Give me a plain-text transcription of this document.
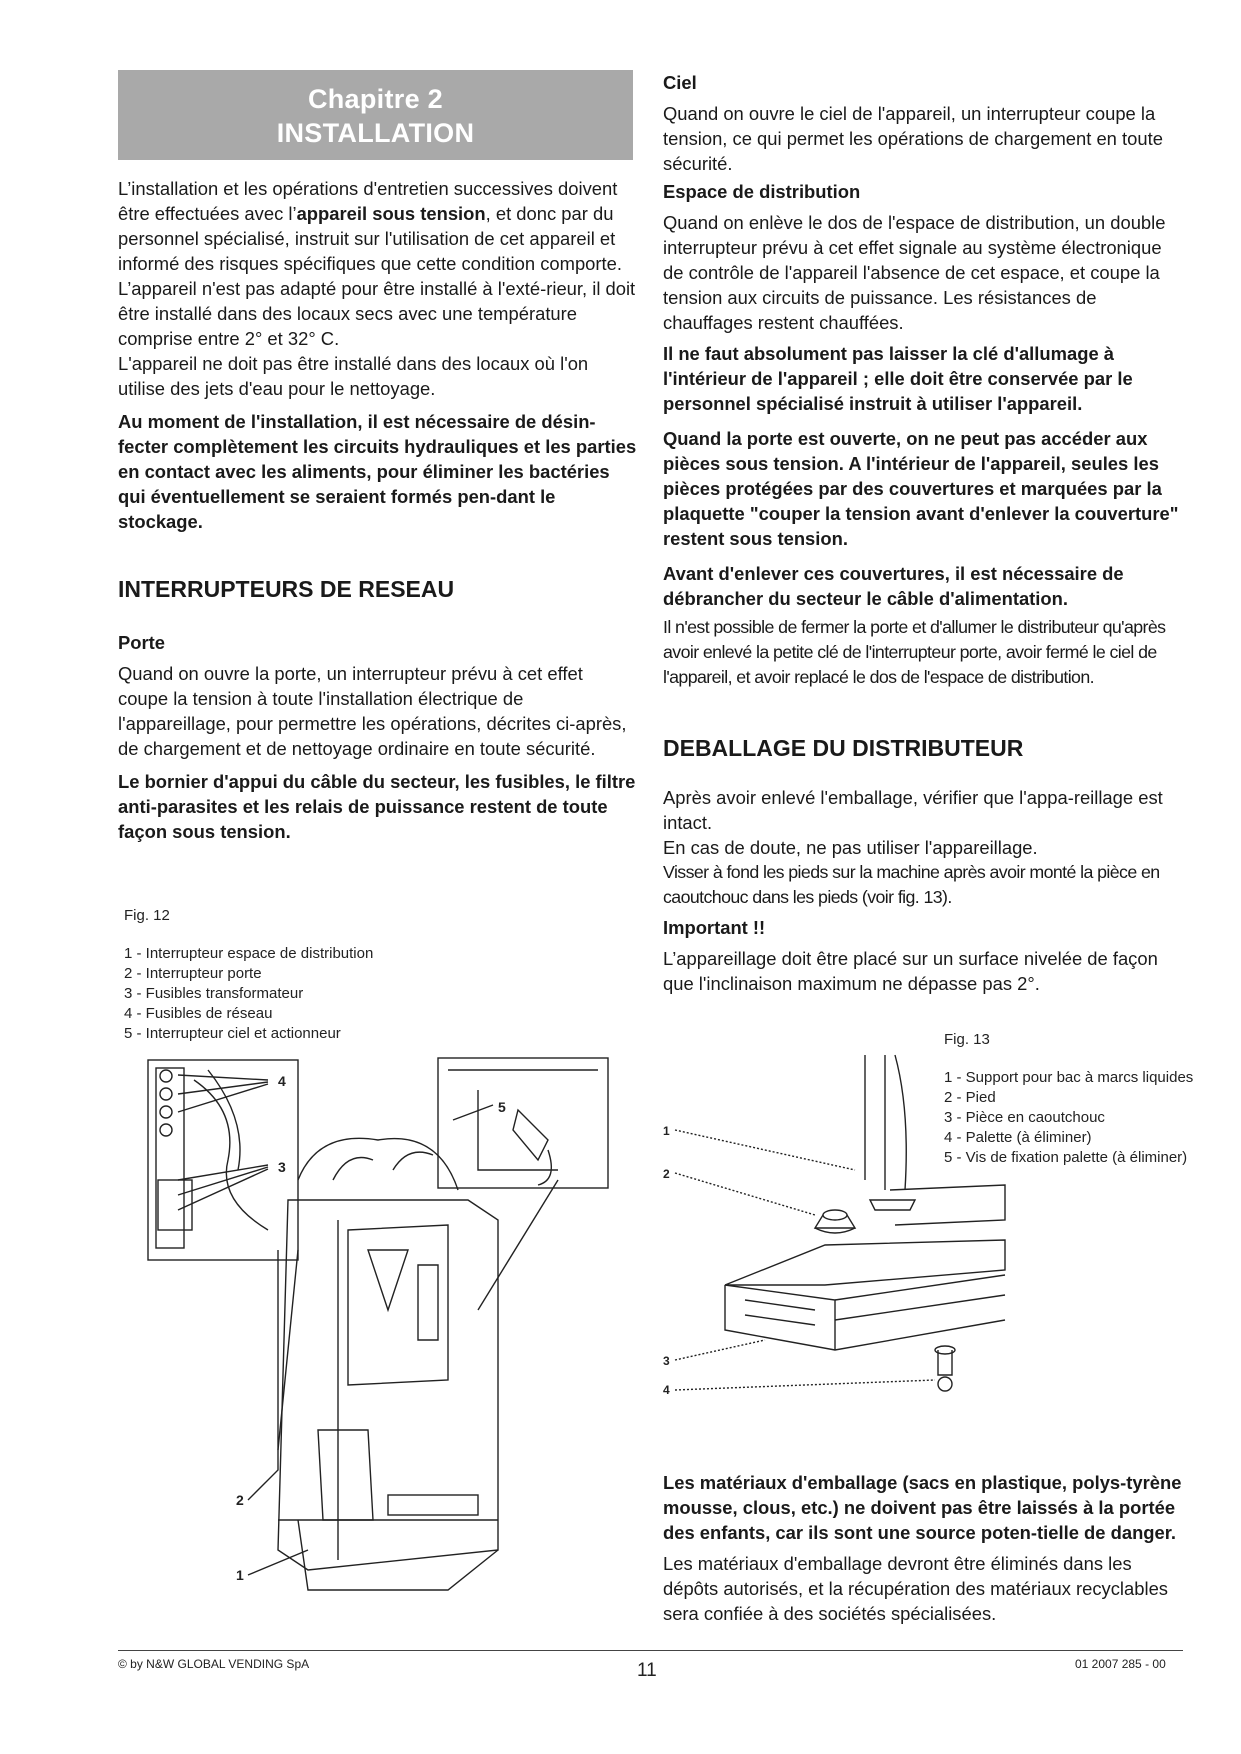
Chapitre 2
INSTALLATION

L’installation et les opérations d'entretien successives doivent être effectuées avec l’appareil sous tension, et donc par du personnel spécialisé, instruit sur l'utilisation de cet appareil et informé des risques spécifiques que cette condition comporte.

L’appareil n'est pas adapté pour être installé à l'exté-rieur, il doit être installé dans des locaux secs avec une température comprise entre 2° et 32° C.

L'appareil ne doit pas être installé dans des locaux où l'on utilise des jets d'eau pour le nettoyage.

Au moment de l'installation, il est nécessaire de désin-fecter complètement les circuits hydrauliques et les parties en contact avec les aliments, pour éliminer les bactéries qui éventuellement se seraient formés pen-dant le stockage.

INTERRUPTEURS DE RESEAU
Porte

Quand on ouvre la porte, un interrupteur prévu à cet effet coupe la tension à toute l'installation électrique de l'appareillage, pour permettre les opérations, décrites ci-après, de chargement et de nettoyage ordinaire en toute sécurité.

Le bornier d'appui du câble du secteur, les fusibles, le filtre anti-parasites et les relais de puissance restent de toute façon sous tension.

Fig. 12
1 - Interrupteur espace de distribution
2 - Interrupteur porte
3 - Fusibles transformateur
4 - Fusibles de réseau
5 - Interrupteur ciel et actionneur
4
5
3
2
1
Ciel

Quand on ouvre le ciel de l'appareil, un interrupteur coupe la tension, ce qui permet les opérations de chargement en toute sécurité.

Espace de distribution

Quand on enlève le dos de l'espace de distribution, un double interrupteur prévu à cet effet signale au système électronique de contrôle de l'appareil l'absence de cet espace, et coupe la tension aux circuits de puissance. Les résistances de chauffages restent chauffées.

Il ne faut absolument pas laisser la clé d'allumage à l'intérieur de l'appareil ; elle doit être conservée par le personnel spécialisé instruit à utiliser l'appareil.

Quand la porte est ouverte, on ne peut pas accéder aux pièces sous tension. A l'intérieur de l'appareil, seules les pièces protégées par des couvertures et marquées par la plaquette "couper la tension avant d'enlever la couverture" restent sous tension.

Avant d'enlever ces couvertures, il est nécessaire de débrancher du secteur le câble d'alimentation.

Il n'est possible de fermer la porte et d'allumer le distributeur qu'après avoir enlevé la petite clé de l'interrupteur porte, avoir fermé le ciel de l'appareil, et avoir replacé le dos de l'espace de distribution.

DEBALLAGE DU DISTRIBUTEUR

Après avoir enlevé l'emballage, vérifier que l'appa-reillage est intact.

En cas de doute, ne pas utiliser l'appareillage.

Visser à fond les pieds sur la machine après avoir monté la pièce en caoutchouc dans les pieds (voir fig. 13).

Important !!

L’appareillage doit être placé sur un surface nivelée de façon que l'inclinaison maximum ne dépasse pas 2°.

Fig. 13
1 - Support pour bac à marcs liquides
2 - Pied
3 - Pièce en caoutchouc
4 - Palette (à éliminer)
5 - Vis de fixation palette (à éliminer)
1
2
3
4

Les matériaux d'emballage (sacs en plastique, polys-tyrène mousse, clous, etc.) ne doivent pas être laissés à la portée des enfants, car ils sont une source poten-tielle de danger.

Les matériaux d'emballage devront être éliminés dans les dépôts autorisés, et la récupération des matériaux recyclables sera confiée à des sociétés spécialisées.

© by N&W GLOBAL VENDING SpA	11	01 2007 285 - 00
